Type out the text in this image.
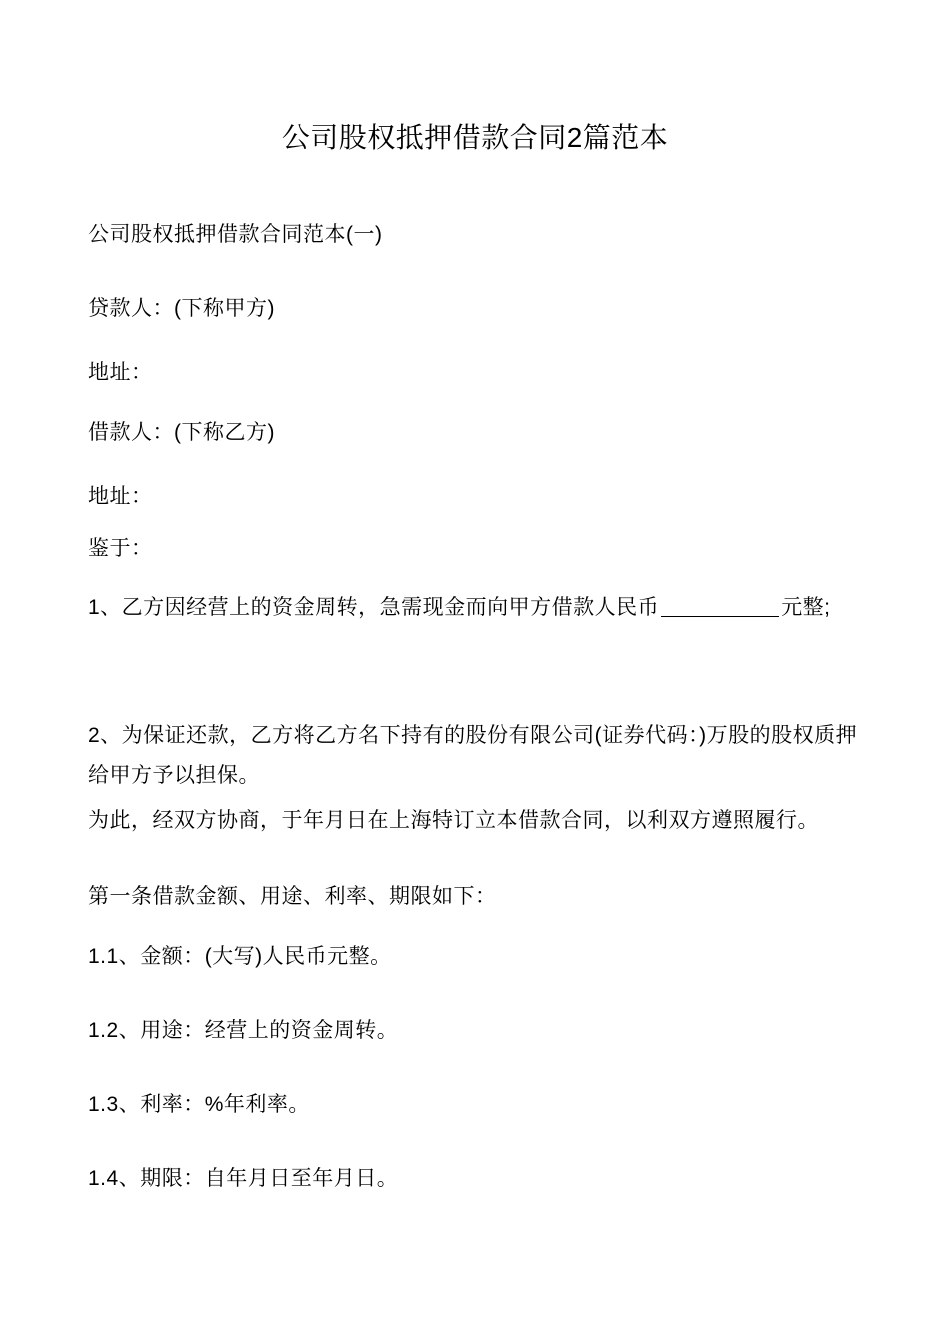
公司股权抵押借款合同2篇范本

公司股权抵押借款合同范本(一)

贷款人：(下称甲方)

地址：

借款人：(下称乙方)

地址：

鉴于：

1、乙方因经营上的资金周转，急需现金而向甲方借款人民币	元整;

2、为保证还款，乙方将乙方名下持有的股份有限公司(证券代码：)万股的股权质押给甲方予以担保。

为此，经双方协商，于年月日在上海特订立本借款合同，以利双方遵照履行。

第一条借款金额、用途、利率、期限如下：

1.1、金额：(大写)人民币元整。

1.2、用途：经营上的资金周转。

1.3、利率：%年利率。

1.4、期限：自年月日至年月日。
